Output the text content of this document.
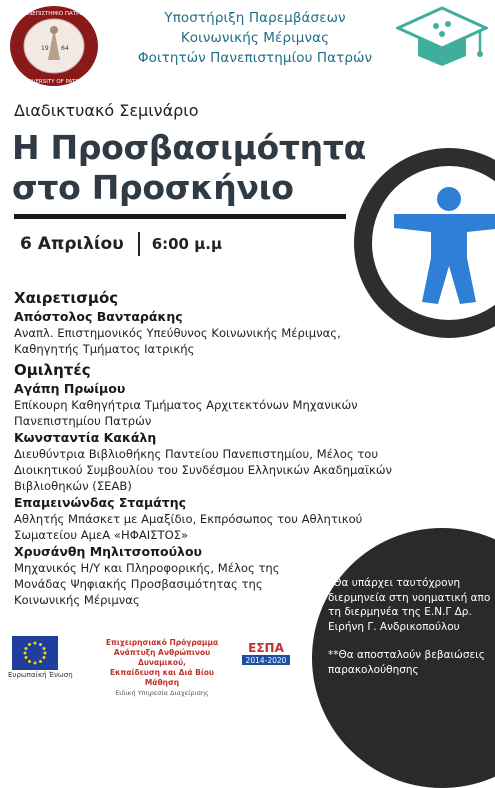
19 64
ΠΑΝΕΠΙΣΤΗΜΙΟ ΠΑΤΡΩΝ
UNIVERSITY OF PATRAS
Υποστήριξη Παρεμβάσεων
Κοινωνικής Μέριμνας
Φοιτητών Πανεπιστημίου Πατρών
Διαδικτυακό Σεμινάριο
Η Προσβασιμότητα
στο Προσκήνιο
6 Απριλίου 6:00 μ.μ
Χαιρετισμός
Απόστολος Βανταράκης
Αναπλ. Επιστημονικός Υπεύθυνος Κοινωνικής Μέριμνας,
Καθηγητής Τμήματος Ιατρικής
Ομιλητές
Αγάπη Πρωίμου
Επίκουρη Καθηγήτρια Τμήματος Αρχιτεκτόνων Μηχανικών
Πανεπιστημίου Πατρών
Κωνσταντία Κακάλη
Διευθύντρια Βιβλιοθήκης Παντείου Πανεπιστημίου, Μέλος του
Διοικητικού Συμβουλίου του Συνδέσμου Ελληνικών Ακαδημαϊκών
Βιβλιοθηκών (ΣΕΑΒ)
Επαμεινώνδας Σταμάτης
Αθλητής Μπάσκετ με Αμαξίδιο, Εκπρόσωπος του Αθλητικού
Σωματείου ΑμεΑ «ΗΦΑΙΣΤΟΣ»
Χρυσάνθη Μηλιτσοπούλου
Μηχανικός Η/Υ και Πληροφορικής, Μέλος της
Μονάδας Ψηφιακής Προσβασιμότητας της
Κοινωνικής Μέριμνας
*Θα υπάρχει ταυτόχρονη
διερμηνεία στη νοηματική απο
τη διερμηνέα της Ε.Ν.Γ Δρ.
Ειρήνη Γ. Ανδρικοπούλου
**Θα αποσταλούν βεβαιώσεις
παρακολούθησης
Ευρωπαϊκή Ένωση
Επιχειρησιακό Πρόγραμμα
Ανάπτυξη Ανθρώπινου Δυναμικού,
Εκπαίδευση και Διά Βίου Μάθηση
Ειδική Υπηρεσία Διαχείρισης
ΕΣΠΑ
2014-2020
